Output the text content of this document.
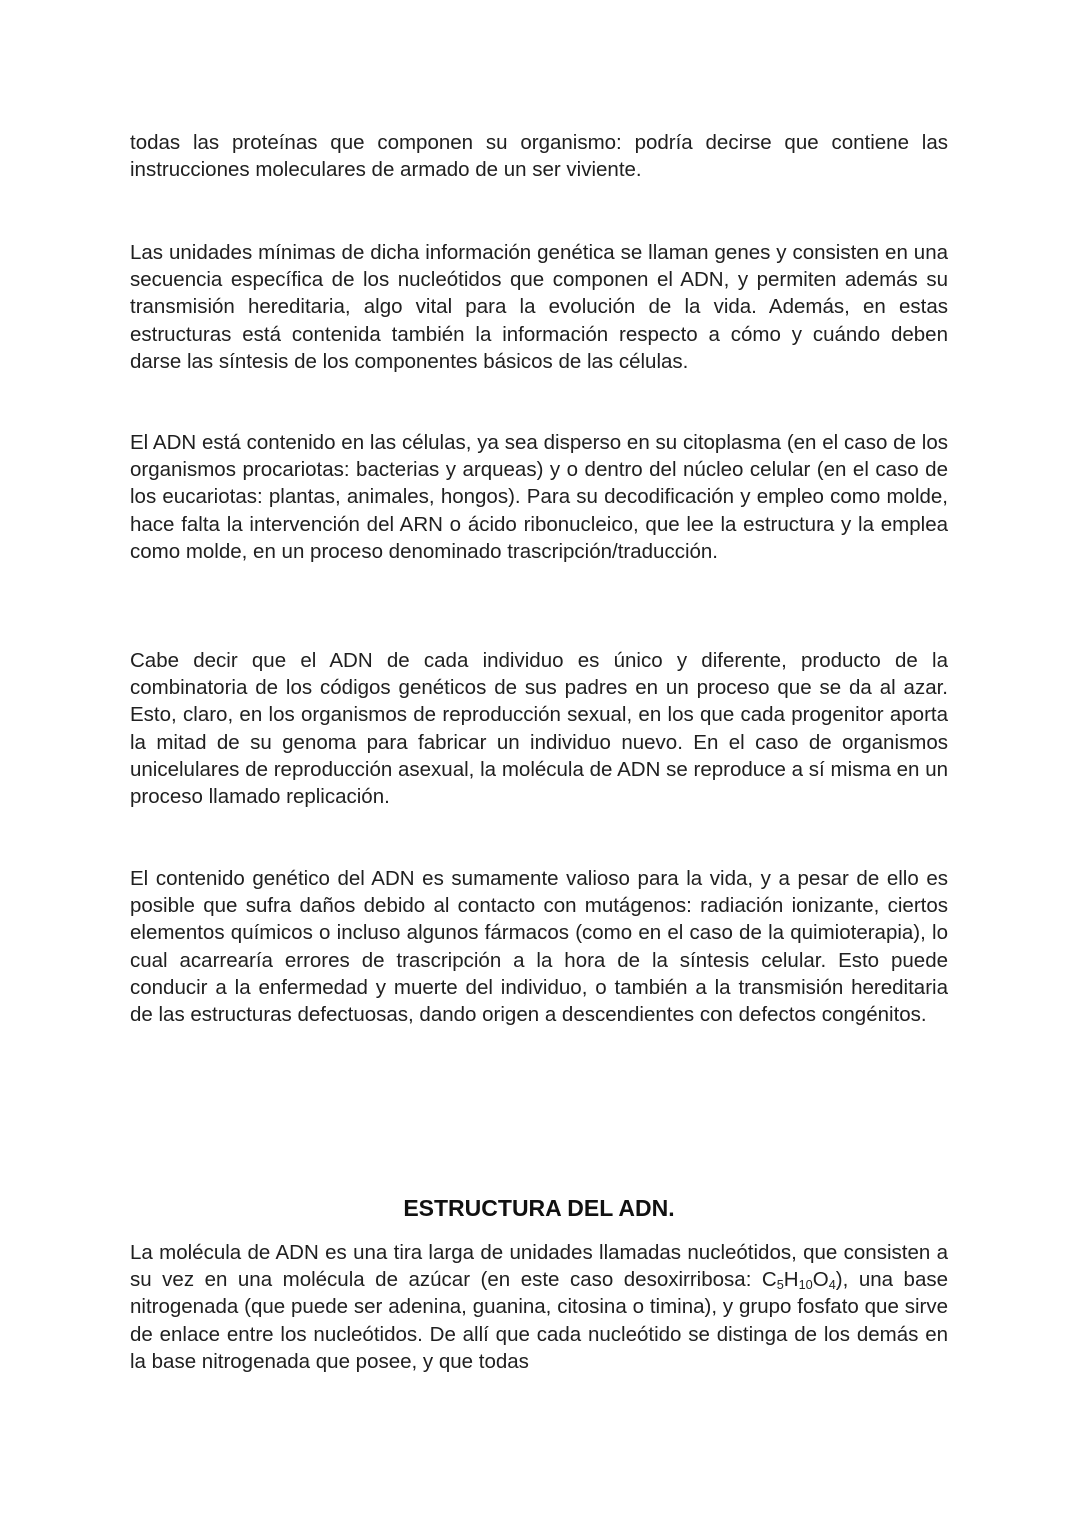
todas las proteínas que componen su organismo: podría decirse que contiene las instrucciones moleculares de armado de un ser viviente.

Las unidades mínimas de dicha información genética se llaman genes y consisten en una secuencia específica de los nucleótidos que componen el ADN, y permiten además su transmisión hereditaria, algo vital para la evolución de la vida. Además, en estas estructuras está contenida también la información respecto a cómo y cuándo deben darse las síntesis de los componentes básicos de las células.

El ADN está contenido en las células, ya sea disperso en su citoplasma (en el caso de los organismos procariotas: bacterias y arqueas) y o dentro del núcleo celular (en el caso de los eucariotas: plantas, animales, hongos). Para su decodificación y empleo como molde, hace falta la intervención del ARN o ácido ribonucleico, que lee la estructura y la emplea como molde, en un proceso denominado trascripción/traducción.

Cabe decir que el ADN de cada individuo es único y diferente, producto de la combinatoria de los códigos genéticos de sus padres en un proceso que se da al azar. Esto, claro, en los organismos de reproducción sexual, en los que cada progenitor aporta la mitad de su genoma para fabricar un individuo nuevo. En el caso de organismos unicelulares de reproducción asexual, la molécula de ADN se reproduce a sí misma en un proceso llamado replicación.

El contenido genético del ADN es sumamente valioso para la vida, y a pesar de ello es posible que sufra daños debido al contacto con mutágenos: radiación ionizante, ciertos elementos químicos o incluso algunos fármacos (como en el caso de la quimioterapia), lo cual acarrearía errores de trascripción a la hora de la síntesis celular. Esto puede conducir a la enfermedad y muerte del individuo, o también a la transmisión hereditaria de las estructuras defectuosas, dando origen a descendientes con defectos congénitos.

ESTRUCTURA DEL ADN.

La molécula de ADN es una tira larga de unidades llamadas nucleótidos, que consisten a su vez en una molécula de azúcar (en este caso desoxirribosa: $C_5H_{10}O_4$), una base nitrogenada (que puede ser adenina, guanina, citosina o timina), y grupo fosfato que sirve de enlace entre los nucleótidos. De allí que cada nucleótido se distinga de los demás en la base nitrogenada que posee, y que todas
